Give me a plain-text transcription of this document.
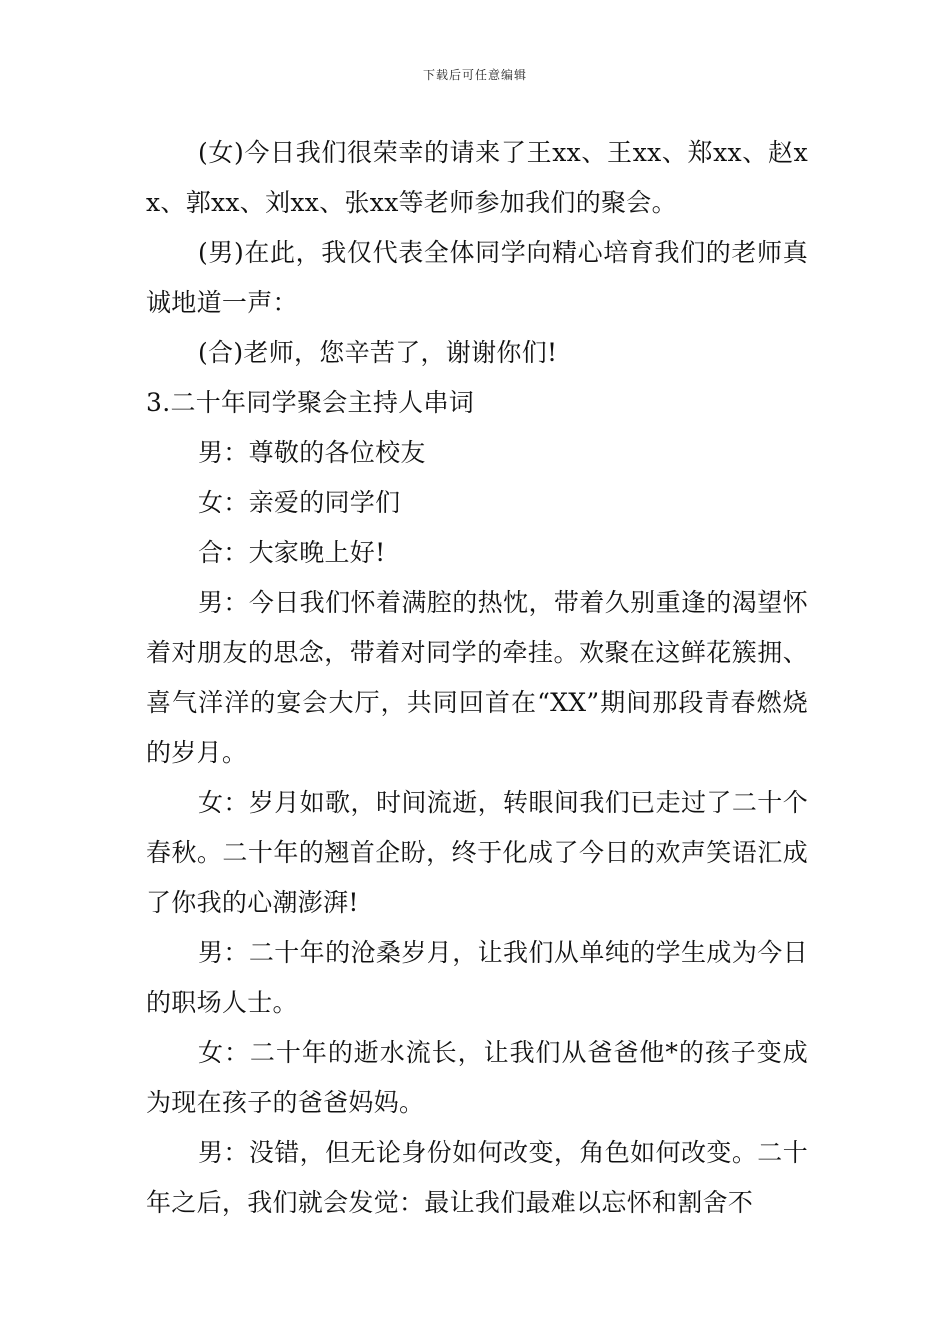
下载后可任意编辑

(女)今日我们很荣幸的请来了王xx、王xx、郑xx、赵xx、郭xx、刘xx、张xx等老师参加我们的聚会。

(男)在此，我仅代表全体同学向精心培育我们的老师真诚地道一声：

(合)老师，您辛苦了，谢谢你们!

3.二十年同学聚会主持人串词

男：尊敬的各位校友

女：亲爱的同学们

合：大家晚上好!

男：今日我们怀着满腔的热忱，带着久别重逢的渴望怀着对朋友的思念，带着对同学的牵挂。欢聚在这鲜花簇拥、喜气洋洋的宴会大厅，共同回首在“XX”期间那段青春燃烧的岁月。

女：岁月如歌，时间流逝，转眼间我们已走过了二十个春秋。二十年的翘首企盼，终于化成了今日的欢声笑语汇成了你我的心潮澎湃!

男：二十年的沧桑岁月，让我们从单纯的学生成为今日的职场人士。

女：二十年的逝水流长，让我们从爸爸他*的孩子变成为现在孩子的爸爸妈妈。

男：没错，但无论身份如何改变，角色如何改变。二十年之后，我们就会发觉：最让我们最难以忘怀和割舍不
